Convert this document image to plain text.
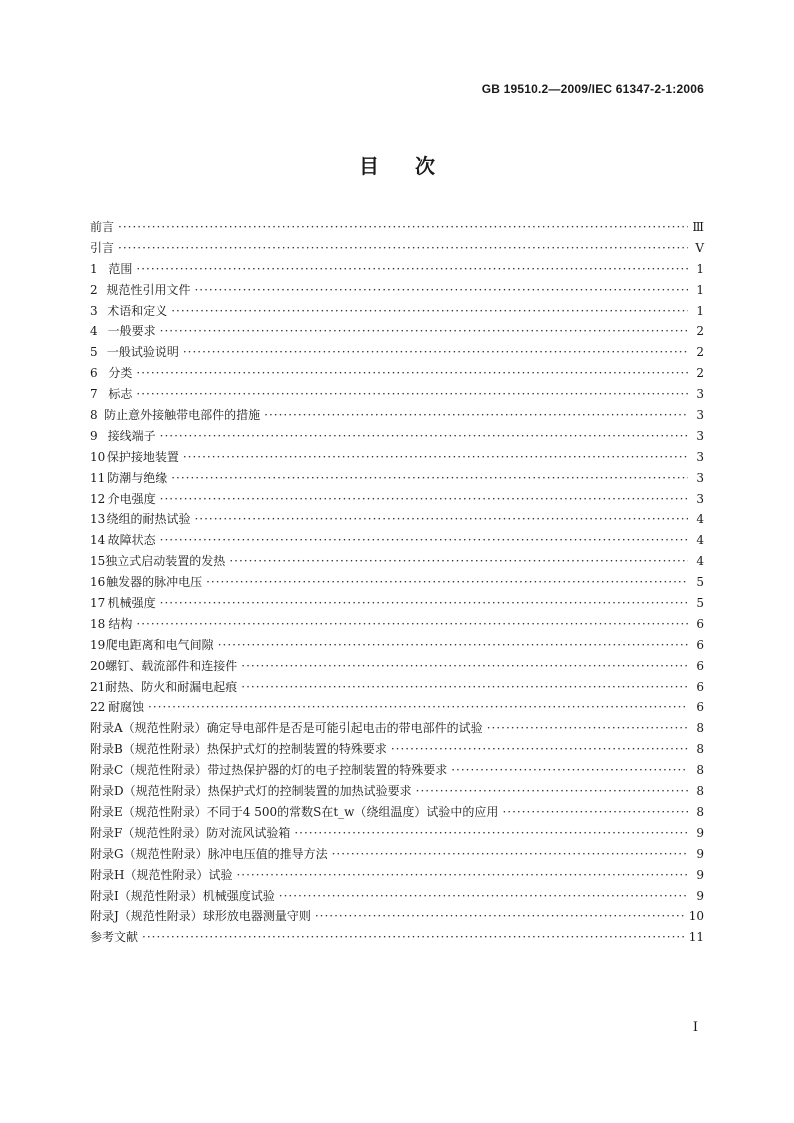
GB 19510.2—2009/IEC 61347-2-1:2006
目次
前言 ·····	Ⅲ
引言 ·····	Ⅴ
1 范围 ·····	1
2 规范性引用文件 ·····	1
3 术语和定义 ·····	1
4 一般要求 ·····	2
5 一般试验说明 ·····	2
6 分类 ·····	2
7 标志 ·····	3
8 防止意外接触带电部件的措施 ·····	3
9 接线端子 ·····	3
10 保护接地装置 ·····	3
11 防潮与绝缘 ·····	3
12 介电强度 ·····	3
13 绕组的耐热试验 ·····	4
14 故障状态 ·····	4
15 独立式启动装置的发热 ·····	4
16 触发器的脉冲电压 ·····	5
17 机械强度 ·····	5
18 结构 ·····	6
19 爬电距离和电气间隙 ·····	6
20 螺钉、载流部件和连接件 ·····	6
21 耐热、防火和耐漏电起痕 ·····	6
22 耐腐蚀 ·····	6
附录A（规范性附录） 确定导电部件是否是可能引起电击的带电部件的试验 ·····	8
附录B（规范性附录） 热保护式灯的控制装置的特殊要求 ·····	8
附录C（规范性附录） 带过热保护器的灯的电子控制装置的特殊要求 ·····	8
附录D（规范性附录） 热保护式灯的控制装置的加热试验要求 ·····	8
附录E（规范性附录） 不同于4 500的常数S在t_w（绕组温度）试验中的应用 ·····	8
附录F（规范性附录） 防对流风试验箱 ·····	9
附录G（规范性附录） 脉冲电压值的推导方法 ·····	9
附录H（规范性附录） 试验 ·····	9
附录I（规范性附录） 机械强度试验 ·····	9
附录J（规范性附录） 球形放电器测量守则 ·····	10
参考文献 ·····	11
Ⅰ
